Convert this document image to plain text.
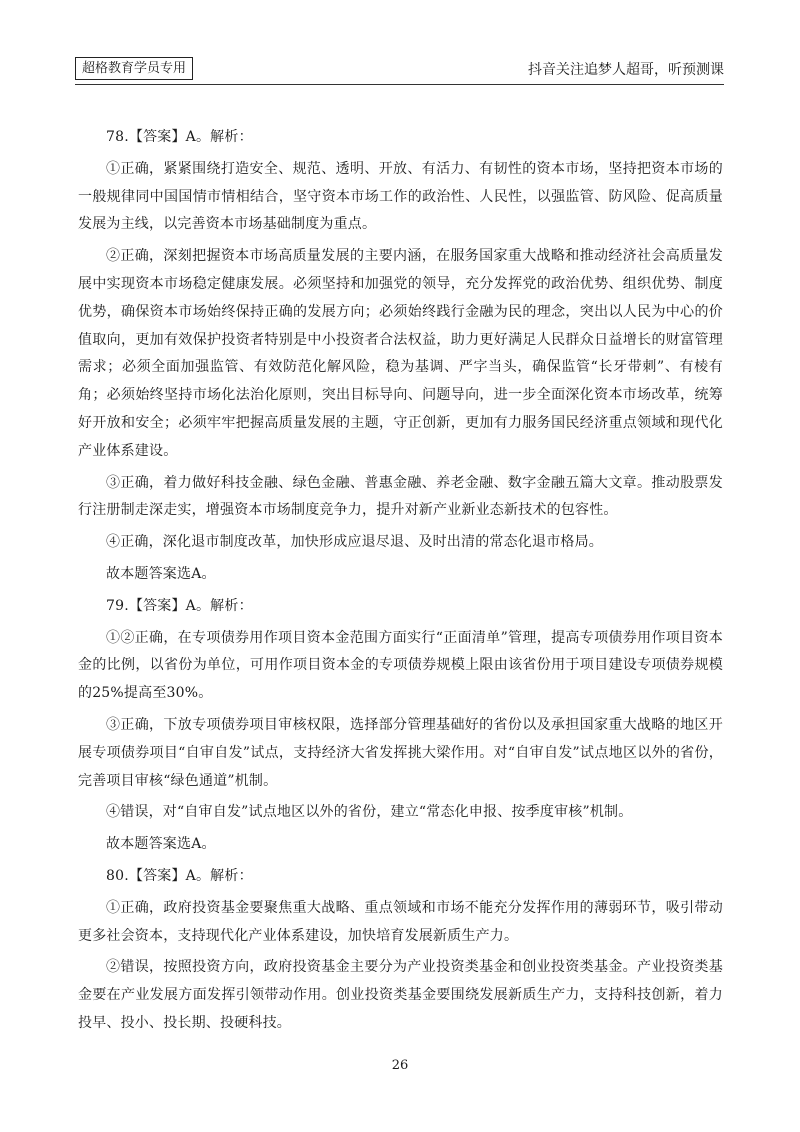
超格教育学员专用	抖音关注追梦人超哥，听预测课

78.【答案】A。解析：

①正确，紧紧围绕打造安全、规范、透明、开放、有活力、有韧性的资本市场，坚持把资本市场的一般规律同中国国情市情相结合，坚守资本市场工作的政治性、人民性，以强监管、防风险、促高质量发展为主线，以完善资本市场基础制度为重点。

②正确，深刻把握资本市场高质量发展的主要内涵，在服务国家重大战略和推动经济社会高质量发展中实现资本市场稳定健康发展。必须坚持和加强党的领导，充分发挥党的政治优势、组织优势、制度优势，确保资本市场始终保持正确的发展方向；必须始终践行金融为民的理念，突出以人民为中心的价值取向，更加有效保护投资者特别是中小投资者合法权益，助力更好满足人民群众日益增长的财富管理需求；必须全面加强监管、有效防范化解风险，稳为基调、严字当头，确保监管“长牙带刺”、有棱有角；必须始终坚持市场化法治化原则，突出目标导向、问题导向，进一步全面深化资本市场改革，统筹好开放和安全；必须牢牢把握高质量发展的主题，守正创新，更加有力服务国民经济重点领域和现代化产业体系建设。

③正确，着力做好科技金融、绿色金融、普惠金融、养老金融、数字金融五篇大文章。推动股票发行注册制走深走实，增强资本市场制度竞争力，提升对新产业新业态新技术的包容性。

④正确，深化退市制度改革，加快形成应退尽退、及时出清的常态化退市格局。

故本题答案选A。

79.【答案】A。解析：

①②正确，在专项债券用作项目资本金范围方面实行“正面清单”管理，提高专项债券用作项目资本金的比例，以省份为单位，可用作项目资本金的专项债券规模上限由该省份用于项目建设专项债券规模的25%提高至30%。

③正确，下放专项债券项目审核权限，选择部分管理基础好的省份以及承担国家重大战略的地区开展专项债券项目“自审自发”试点，支持经济大省发挥挑大梁作用。对“自审自发”试点地区以外的省份，完善项目审核“绿色通道”机制。

④错误，对“自审自发”试点地区以外的省份，建立“常态化申报、按季度审核”机制。

故本题答案选A。

80.【答案】A。解析：

①正确，政府投资基金要聚焦重大战略、重点领域和市场不能充分发挥作用的薄弱环节，吸引带动更多社会资本，支持现代化产业体系建设，加快培育发展新质生产力。

②错误，按照投资方向，政府投资基金主要分为产业投资类基金和创业投资类基金。产业投资类基金要在产业发展方面发挥引领带动作用。创业投资类基金要围绕发展新质生产力，支持科技创新，着力投早、投小、投长期、投硬科技。

26
